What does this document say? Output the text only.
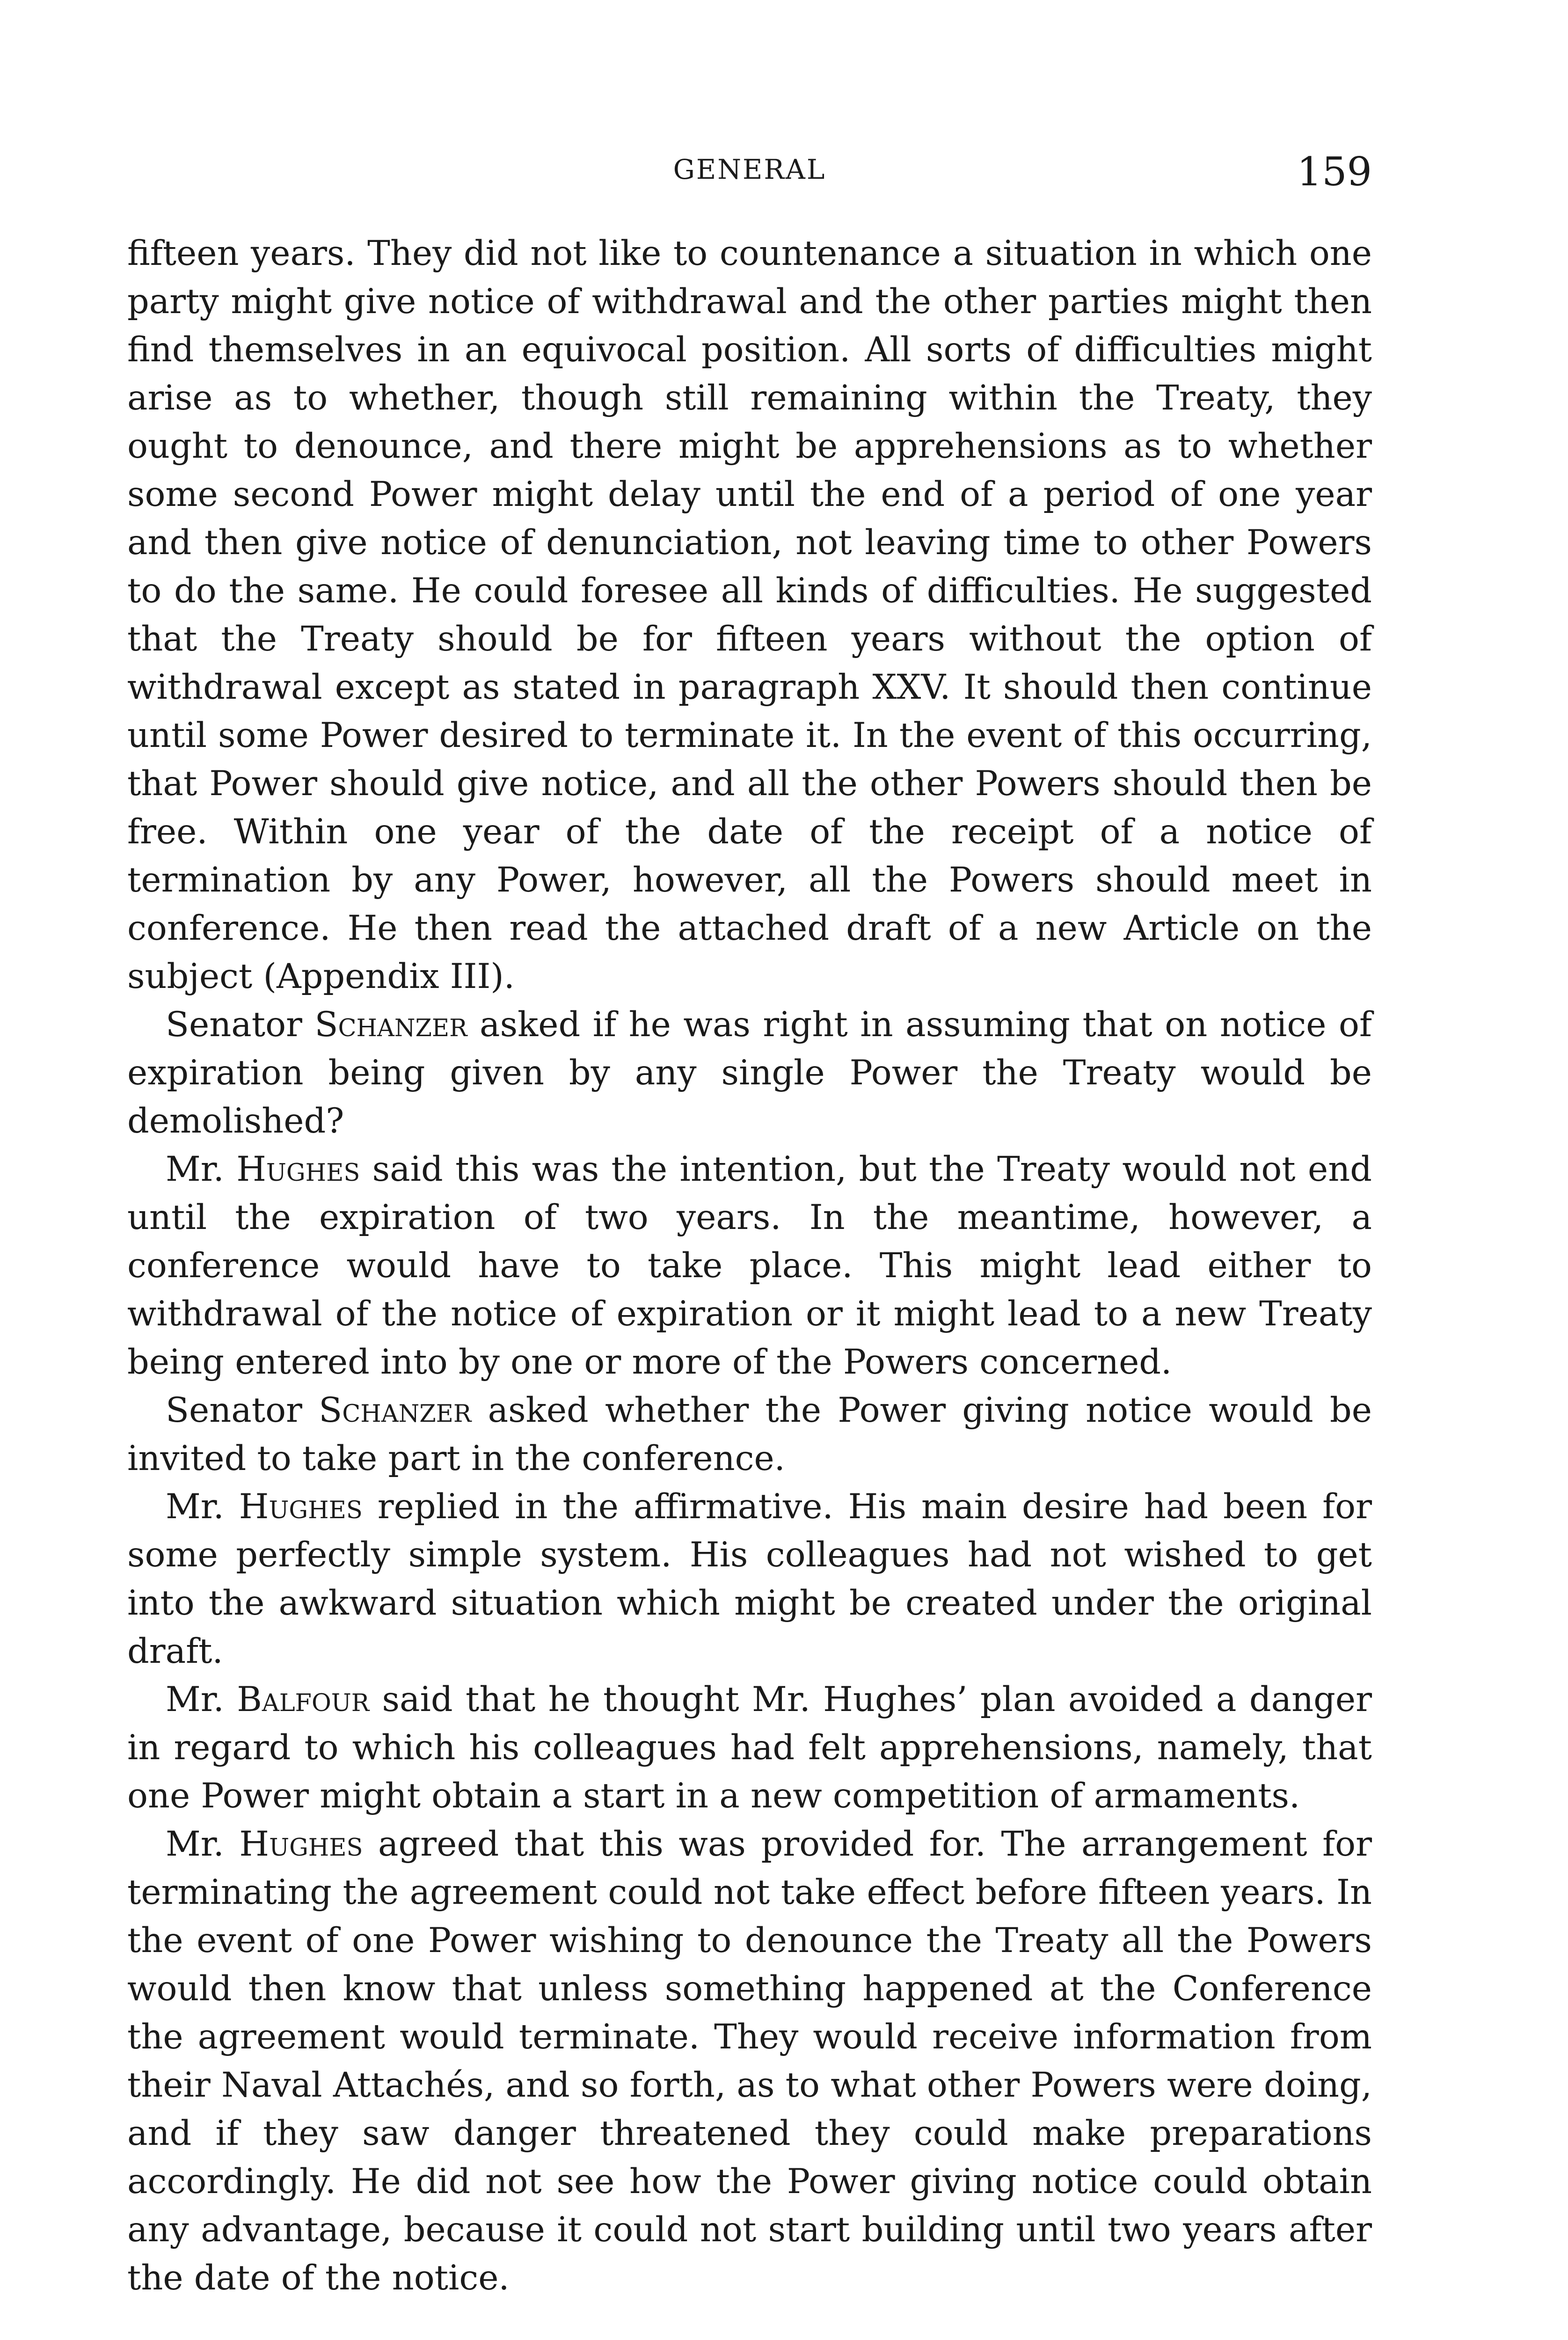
GENERAL	159

fifteen years. They did not like to countenance a situation in which one party might give notice of withdrawal and the other parties might then find themselves in an equivocal position. All sorts of difficulties might arise as to whether, though still remaining within the Treaty, they ought to denounce, and there might be apprehensions as to whether some second Power might delay until the end of a period of one year and then give notice of denunciation, not leaving time to other Powers to do the same. He could foresee all kinds of difficulties. He suggested that the Treaty should be for fifteen years without the option of withdrawal except as stated in paragraph XXV. It should then continue until some Power desired to terminate it. In the event of this occurring, that Power should give notice, and all the other Powers should then be free. Within one year of the date of the receipt of a notice of termination by any Power, however, all the Powers should meet in conference. He then read the attached draft of a new Article on the subject (Appendix III).

Senator Schanzer asked if he was right in assuming that on notice of expiration being given by any single Power the Treaty would be demolished?

Mr. Hughes said this was the intention, but the Treaty would not end until the expiration of two years. In the meantime, however, a conference would have to take place. This might lead either to withdrawal of the notice of expiration or it might lead to a new Treaty being entered into by one or more of the Powers concerned.

Senator Schanzer asked whether the Power giving notice would be invited to take part in the conference.

Mr. Hughes replied in the affirmative. His main desire had been for some perfectly simple system. His colleagues had not wished to get into the awkward situation which might be created under the original draft.

Mr. Balfour said that he thought Mr. Hughes’ plan avoided a danger in regard to which his colleagues had felt apprehensions, namely, that one Power might obtain a start in a new competition of armaments.

Mr. Hughes agreed that this was provided for. The arrangement for terminating the agreement could not take effect before fifteen years. In the event of one Power wishing to denounce the Treaty all the Powers would then know that unless something happened at the Conference the agreement would terminate. They would receive information from their Naval Attachés, and so forth, as to what other Powers were doing, and if they saw danger threatened they could make preparations accordingly. He did not see how the Power giving notice could obtain any advantage, because it could not start building until two years after the date of the notice.
